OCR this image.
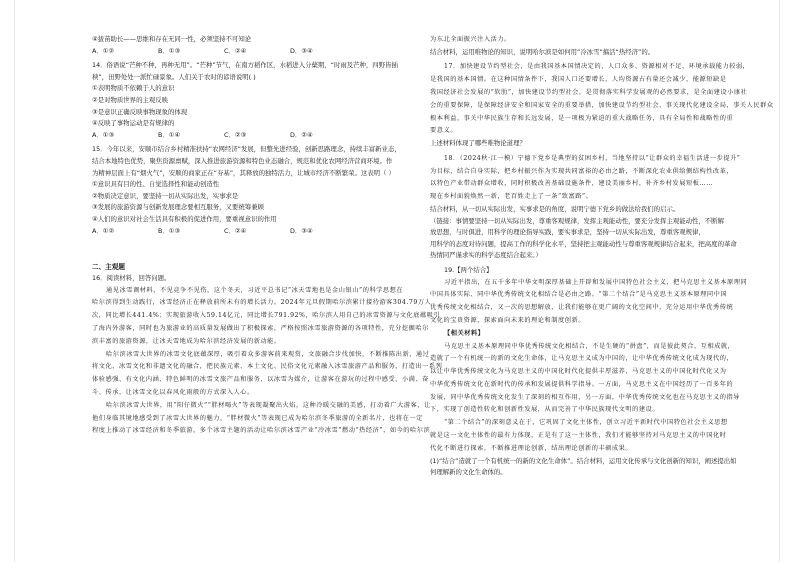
④拔苗助长——思维和存在无同一性，必须坚持不可知论
A．①②	B．①③	C．②④	D．③④
14．俗语说“芒种不种，再种无用”。“芒种”节气，在南方稻作区，水稻进入分蘖期，“时雨及芒种，四野皆插
秧”，田野处处一派忙碌景象。人们关于农时的谚语说明( )
①表明物质不依赖于人的意识
②是对物质世界的主观反映
③是意识正确反映事物现象的体现
④反映了事物运动是有规律的
A．①③	B．①④	C．②③	D．②④
15．今年以来，安顺市结合乡村精准扶持“农网经济”发展，但整先进经验，创新思路理念，持续丰富新业态，
结合本地特色优势，聚焦资源禀赋，深入推进旅游资源和特色业态融合，规范和优化农网经济营商环境。作
为精神层面上有“烟火气”，安顺的商家正在“夯基”，其释放的独特活力，让城市经济不断繁荣。这表明（ ）
①意识具有目的性、自觉选择性和能动创造性
②物质决定意识，要坚持一切从实际出发，实事求是
③发展的旅游资源与创新发展理念要相互服务，又要统筹兼顾
④人们的意识对社会生活具有积极的促进作用，要重视意识的作用
A．①②	B．①③	C．②④	D．③④
二、主观题
16．阅读材料，回答问题。
通见冰雪调材料，不见竞争不见伤，这个冬天，习近平总书记“冰天雪地也是金山银山”的科学思想在
哈尔滨得到生动践行，冰雪经济正在释放前所未有的增长活力。2024年元旦假期哈尔滨累计接待游客304.79万人
次，同比增长441.4%；实现旅游收入59.14亿元，同比增长791.92%，哈尔滨人用自己的冰雪资源与文化底蕴吸引
了海内外游客，同时也为旅游业的高质量发展做出了积极探索，严格按照冰雪旅游资源的各项特性，充分挖掘哈尔
滨丰富的旅游资源，让冰天雪地成为哈尔滨经济发展的新动能。
哈尔滨冰雪大世界的冰雪文化底蕴深厚，吸引着众多游客前来观赏，文旅融合步伐加快，不断推陈出新，通过
将文化、冰雪文化和非遗文化的融合，把民族元素、本土文化、民俗文化元素融入冰雪旅游产品和服务，打造出一系列
体验感强、有文化内涵、特色鲜明的冰雪文旅产品和服务，以冰雪为媒介，让游客在游玩的过程中感受、小满、奋
斗、传承，让冰雪文化以春风化雨般的方式深入人心。
哈尔滨冰雪大世界，用“阳仔微火”“胖材喝火”等表现凝聚出火焰，这种冷暖交融的美感，打动着广大游客，让
他们身临其境地感受到了冰雪大世界的魅力，“胖材微火”等表现已成为哈尔滨冬季旅游的全新名片，也将在一定
程度上推动了冰雪经济和冬季旅游，多个冰雪主题的活动让哈尔滨冰雪产业“冷冰雪”燃动“热经济”，如今的哈尔滨
为东北全面振兴注入活力。
结合材料，运用唯物论的知识，说明哈尔滨是如何用“冷冰雪”搞活“热经济”的。
17．加快建设节约型社会，是由我国基本国情决定的，人口众多、资源相对不足、环境承载能力较弱，
是我国的基本国情。在这种国情条件下，我国人口还要增长，人均资源占有量还会减少，能源短缺是
我国经济社会发展的“软肋”，加快建设节约型社会，是贯彻落实科学发展观的必然要求，是全面建设小康社
会的重要保障，是保障经济安全和国家安全的重要举措，加快建设节约型社会，事关现代化建设全局，事关人民群众
根本利益，事关中华民族生存和长远发展，是一项极为紧迫的重大战略任务，具有全局性和战略性的重
要意义。
上述材料体现了哪些唯物论道理？
18．（2024秋·江一模）宁德下党乡是典型的贫困乡村，当地坚持以“让群众的幸福生活进一步提升”
为目标，结合自身实际，把乡村振兴作为实现共同富裕的必由之路，不断深化农业供给侧结构性改革，
以特色产业带动群众增收，同时积极改善基础设施条件，建设美丽乡村，补齐乡村发展短板……
现在乡村面貌焕然一新，老百姓走上了一条“致富路”。
结合材料，从一切从实际出发，实事求是的角度，说明宁德下党乡的做法给我们的启示。
（链接：事情要坚持一切从实际出发，尊重客观规律，发挥主观能动性，要充分发挥主观能动性，不断解
放思想，与时俱进，用科学的理论指导实践，要实事求是，坚持一切从实际出发，尊重客观规律，
用科学的态度对待问题，提高工作的科学化水平，坚持把主观能动性与尊重客观规律结合起来，把高度的革命
热情同严谨求实的科学态度结合起来。）
19.【两个结合】
习近平指出，在五千多年中华文明深厚基础上开辟和发展中国特色社会主义，把马克思主义基本原理同
中国具体实际、同中华优秀传统文化相结合是必由之路。“第二个结合”是马克思主义基本原理同中国
优秀传统文化相结合，又一次的思想解放，让我们能够在更广阔的文化空间中，充分运用中华优秀传统
文化的宝贵资源，探索面向未来的理论和制度创新。
【相关材料】
马克思主义基本原理同中华优秀传统文化相结合，不是生硬的“拼盘”，而是彼此契合、互相成就，
造就了一个有机统一的新的文化生命体，让马克思主义成为中国的，让中华优秀传统文化成为现代的，
以让中华优秀传统文化为马克思主义的中国化时代化提供丰厚滋养，马克思主义的中国化时代化又为
中华优秀传统文化在新时代的传承和发展提供科学指导。一方面，马克思主义在中国经历了一百多年的
发展，同中华优秀传统文化发生了深刻的相互作用，另一方面，中华优秀传统文化也在马克思主义的指导
下，实现了创造性转化和创新性发展，从而完善了中华民族现代文明的建设。
“第二个结合”的深刻意义在于，它巩固了文化主体性，创立习近平新时代中国特色社会主义思想
就是这一文化主体性的最有力体现，正是有了这一主体性，我们才能够坚持对马克思主义的中国化时
代化不断进行探索，不断推进理论创新，结出理论创新的丰硕成果。
(1)“结合”造就了一个有机统一的新的文化生命体”。结合材料，运用文化传承与文化创新的知识，阐述提出如
何理解新的文化生命体的。
